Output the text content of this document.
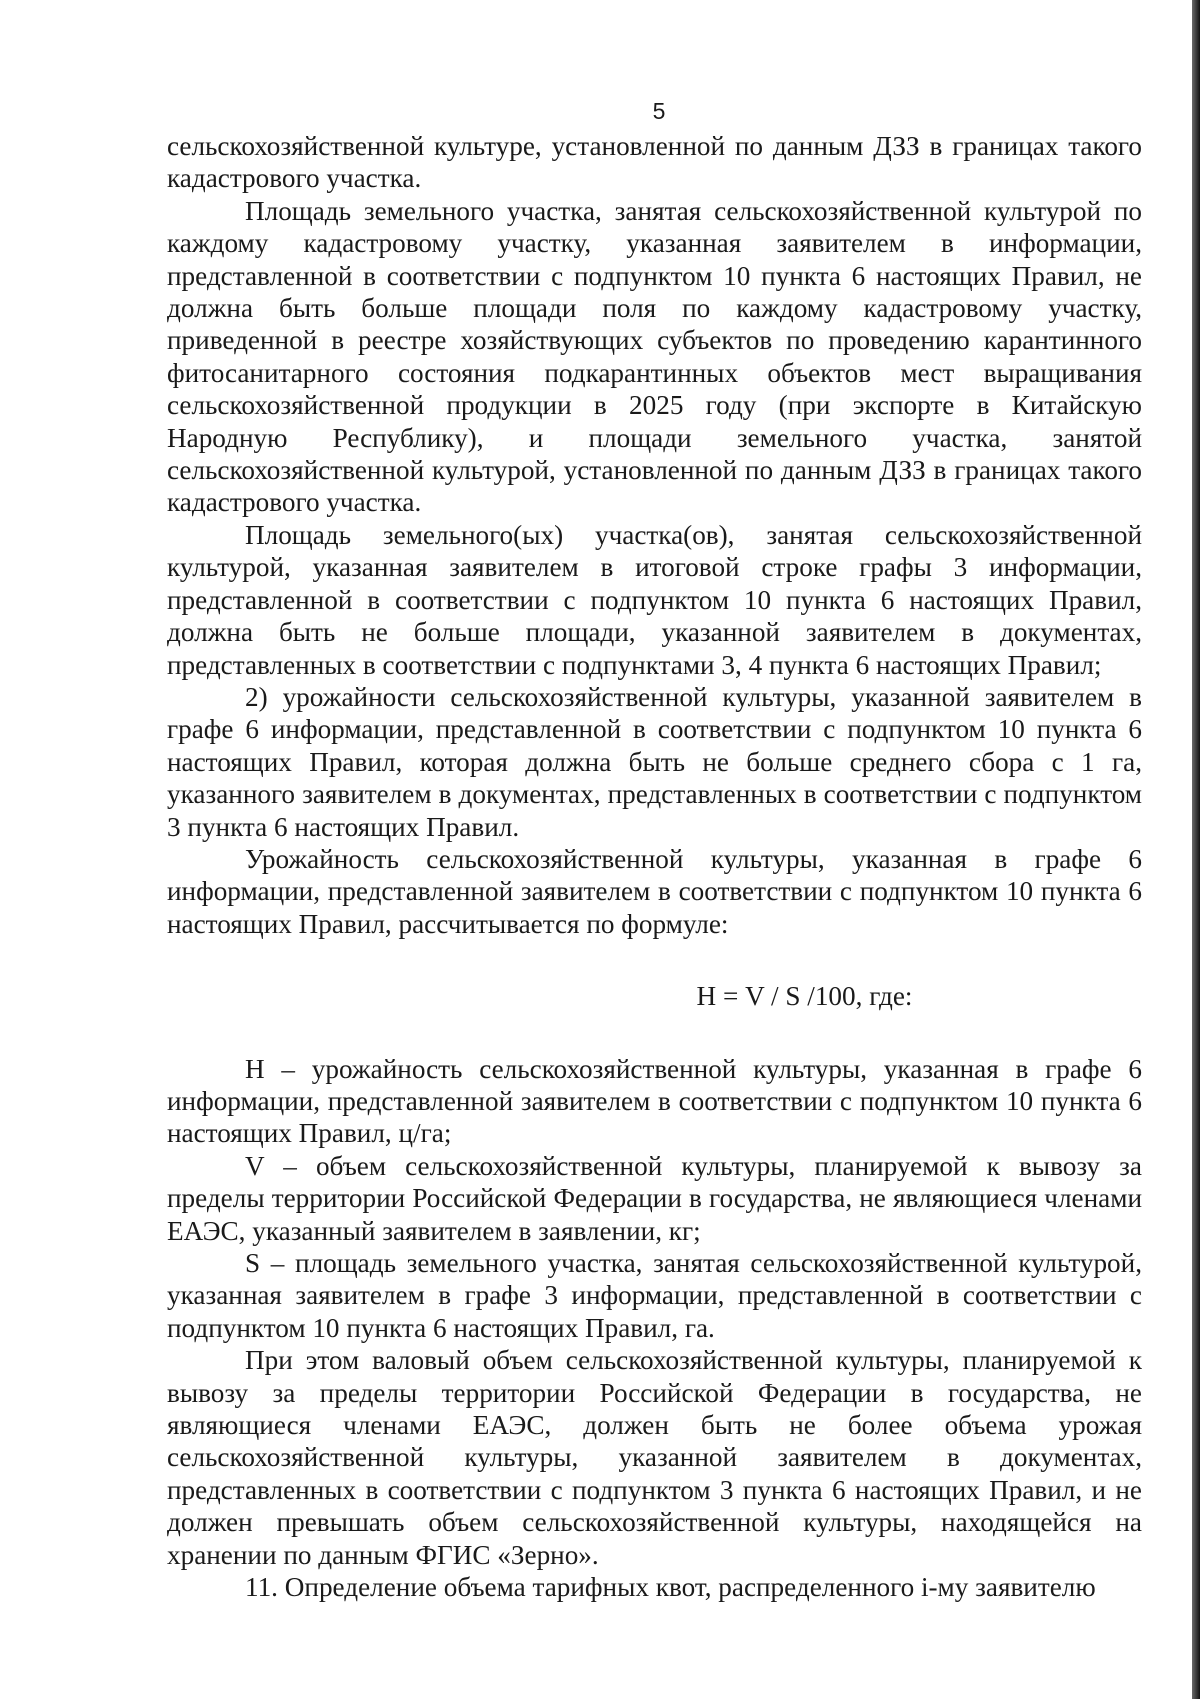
5

сельскохозяйственной культуре, установленной по данным ДЗЗ в границах такого кадастрового участка.

Площадь земельного участка, занятая сельскохозяйственной культурой по каждому кадастровому участку, указанная заявителем в информации, представленной в соответствии с подпунктом 10 пункта 6 настоящих Правил, не должна быть больше площади поля по каждому кадастровому участку, приведенной в реестре хозяйствующих субъектов по проведению карантинного фитосанитарного состояния подкарантинных объектов мест выращивания сельскохозяйственной продукции в 2025 году (при экспорте в Китайскую Народную Республику), и площади земельного участка, занятой сельскохозяйственной культурой, установленной по данным ДЗЗ в границах такого кадастрового участка.

Площадь земельного(ых) участка(ов), занятая сельскохозяйственной культурой, указанная заявителем в итоговой строке графы 3 информации, представленной в соответствии с подпунктом 10 пункта 6 настоящих Правил, должна быть не больше площади, указанной заявителем в документах, представленных в соответствии с подпунктами 3, 4 пункта 6 настоящих Правил;

2) урожайности сельскохозяйственной культуры, указанной заявителем в графе 6 информации, представленной в соответствии с подпунктом 10 пункта 6 настоящих Правил, которая должна быть не больше среднего сбора с 1 га, указанного заявителем в документах, представленных в соответствии с подпунктом 3 пункта 6 настоящих Правил.

Урожайность сельскохозяйственной культуры, указанная в графе 6 информации, представленной заявителем в соответствии с подпунктом 10 пункта 6 настоящих Правил, рассчитывается по формуле:

Н = V / S /100, где:

Н – урожайность сельскохозяйственной культуры, указанная в графе 6 информации, представленной заявителем в соответствии с подпунктом 10 пункта 6 настоящих Правил, ц/га;

V – объем сельскохозяйственной культуры, планируемой к вывозу за пределы территории Российской Федерации в государства, не являющиеся членами ЕАЭС, указанный заявителем в заявлении, кг;

S – площадь земельного участка, занятая сельскохозяйственной культурой, указанная заявителем в графе 3 информации, представленной в соответствии с подпунктом 10 пункта 6 настоящих Правил, га.

При этом валовый объем сельскохозяйственной культуры, планируемой к вывозу за пределы территории Российской Федерации в государства, не являющиеся членами ЕАЭС, должен быть не более объема урожая сельскохозяйственной культуры, указанной заявителем в документах, представленных в соответствии с подпунктом 3 пункта 6 настоящих Правил, и не должен превышать объем сельскохозяйственной культуры, находящейся на хранении по данным ФГИС «Зерно».

11. Определение объема тарифных квот, распределенного i-му заявителю
